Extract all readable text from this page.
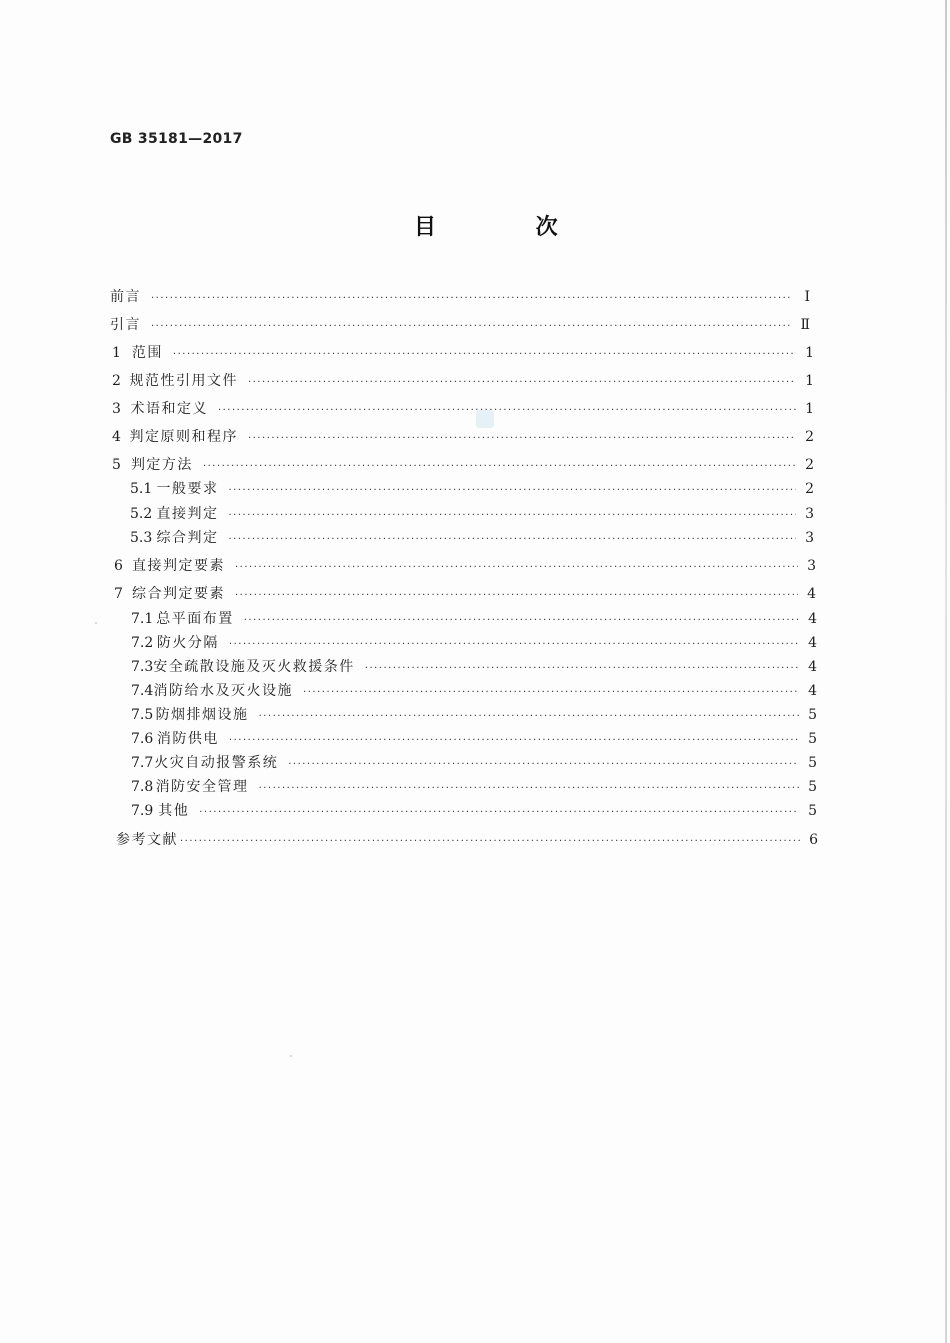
GB 35181—2017
目 次
前言 ·····	Ⅰ
引言 ·····	Ⅱ
1 范围 ·····	1
2 规范性引用文件 ·····	1
3 术语和定义 ·····	1
4 判定原则和程序 ·····	2
5 判定方法 ·····	2
5.1 一般要求 ·····	2
5.2 直接判定 ·····	3
5.3 综合判定 ·····	3
6 直接判定要素 ·····	3
7 综合判定要素 ·····	4
7.1 总平面布置 ·····	4
7.2 防火分隔 ·····	4
7.3 安全疏散设施及灭火救援条件 ·····	4
7.4 消防给水及灭火设施 ·····	4
7.5 防烟排烟设施 ·····	5
7.6 消防供电 ·····	5
7.7 火灾自动报警系统 ·····	5
7.8 消防安全管理 ·····	5
7.9 其他 ·····	5
参考文献 ·····	6
